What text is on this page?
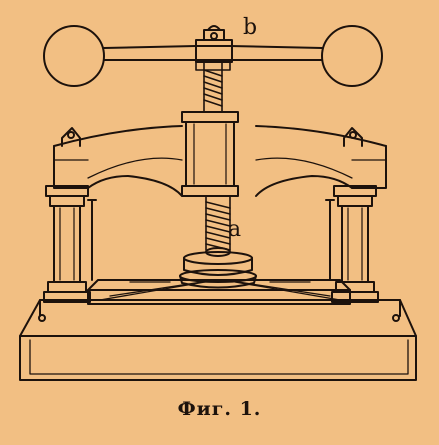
b
a
Фиг. 1.
